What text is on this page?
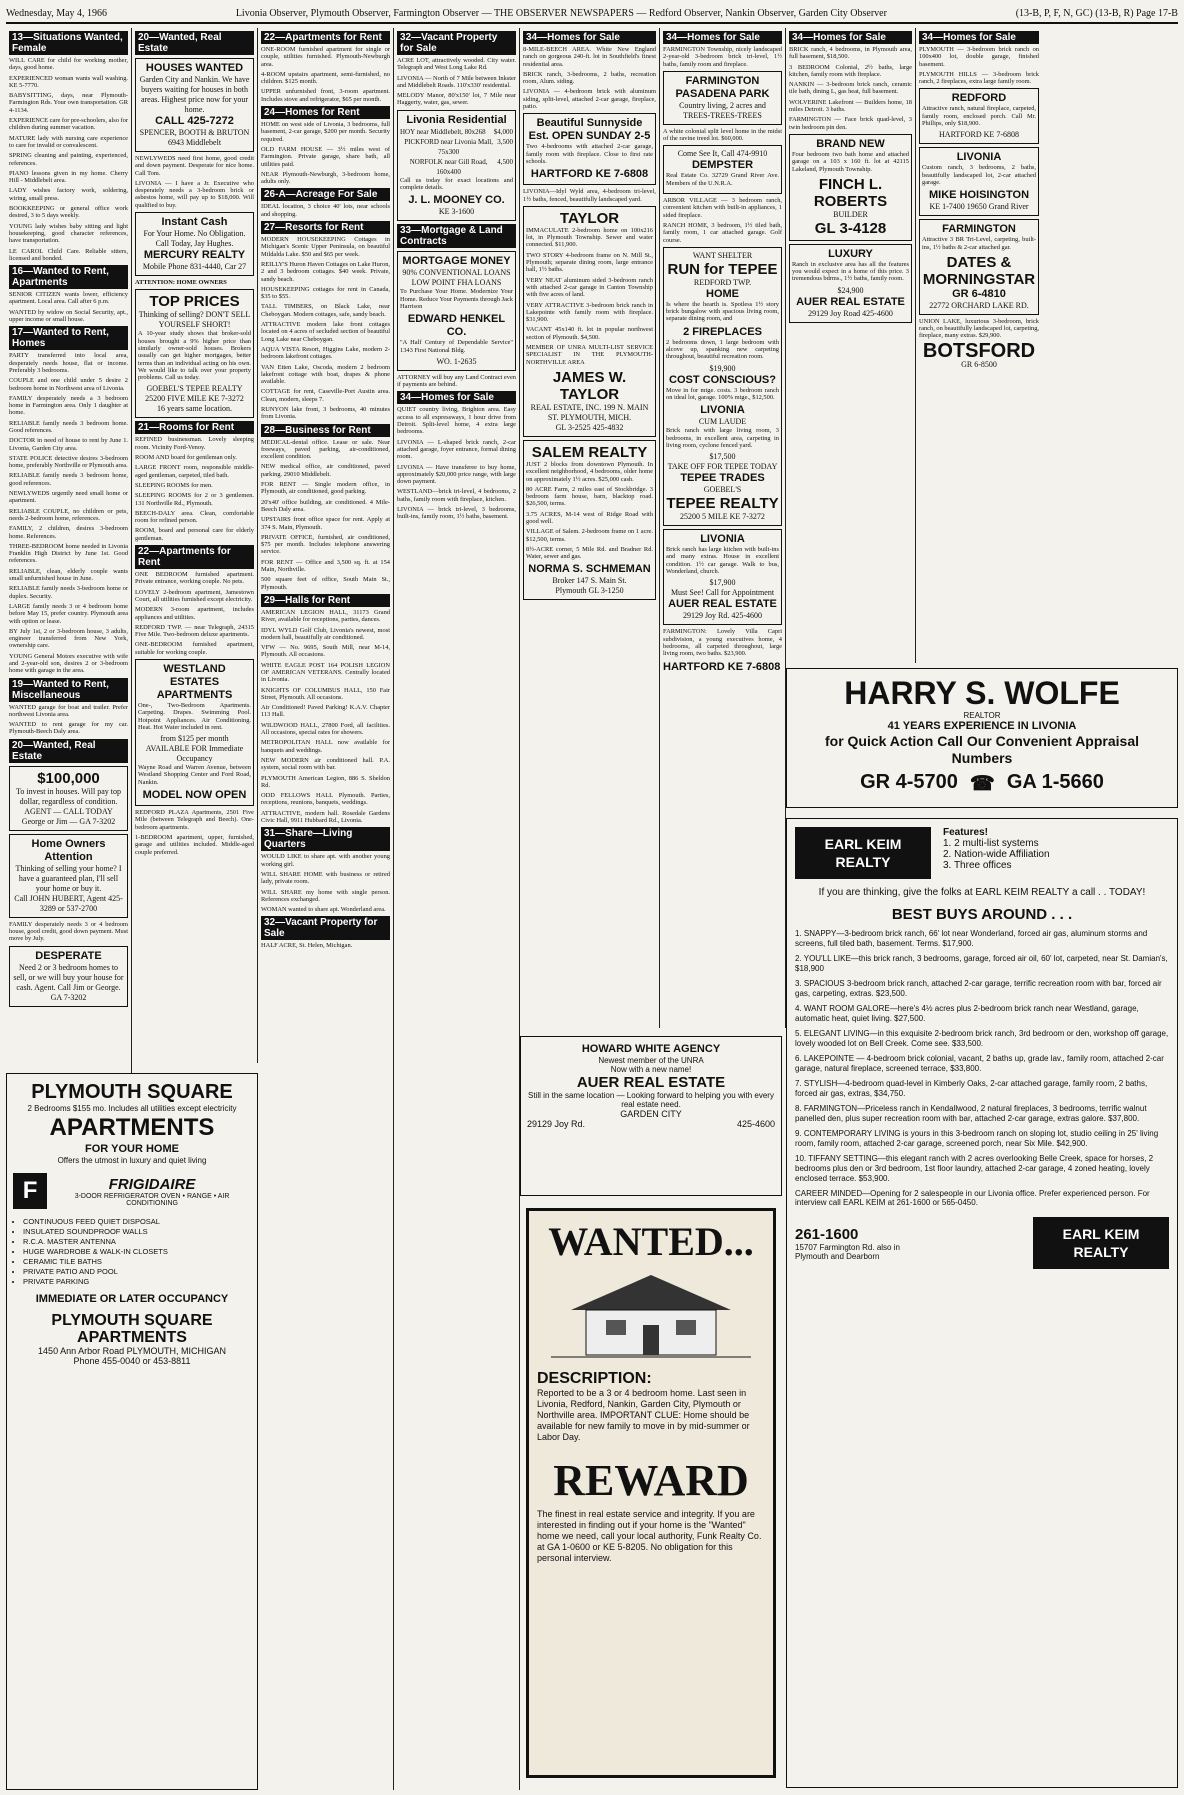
Wednesday, May 4, 1966	Livonia Observer, Plymouth Observer, Farmington Observer — THE OBSERVER NEWSPAPERS — Redford Observer, Nankin Observer, Garden City Observer	(13-B, P, F, N, GC) (13-B, R) Page 17-B
13—Situations Wanted, Female

WILL CARE for child for working mother, days, good home.

EXPERIENCED woman wants wall washing. KE 5-7770.

BABYSITTING, days, near Plymouth-Farmington Rds. Your own transportation. GR 4-1134.

EXPERIENCE care for pre-schoolers, also for children during summer vacation.

MATURE lady with nursing care experience to care for invalid or convalescent.

SPRING cleaning and painting, experienced, references.

PIANO lessons given in my home. Cherry Hill - Middlebelt area.

LADY wishes factory work, soldering, wiring, small press.

BOOKKEEPING or general office work desired, 3 to 5 days weekly.

YOUNG lady wishes baby sitting and light housekeeping, good character references, have transportation.

LE CAROL Child Care. Reliable sitters, licensed and bonded.

16—Wanted to Rent, Apartments

SENIOR CITIZEN wants lower, efficiency apartment. Local area. Call after 6 p.m.

WANTED by widow on Social Security, apt., upper income or small house.

17—Wanted to Rent, Homes

PARTY transferred into local area, desperately needs house, flat or income. Preferably 3 bedrooms.

COUPLE and one child under 5 desire 2 bedroom home in Northwest area of Livonia.

FAMILY desperately needs a 3 bedroom home in Farmington area. Only 1 daughter at home.

RELIABLE family needs 3 bedroom home. Good references.

DOCTOR in need of house to rent by June 1. Livonia, Garden City area.

STATE POLICE detective desires 3-bedroom home, preferably Northville or Plymouth area.

RELIABLE family needs 3 bedroom home, good references.

NEWLYWEDS urgently need small home or apartment.

RELIABLE COUPLE, no children or pets, needs 2-bedroom home, references.

FAMILY, 2 children, desires 3-bedroom home. References.

THREE-BEDROOM home needed in Livonia Franklin High District by June 1st. Good references.

RELIABLE, clean, elderly couple wants small unfurnished house in June.

RELIABLE family needs 3-bedroom home or duplex. Security.

LARGE family needs 3 or 4 bedroom home before May 15, prefer country. Plymouth area with option or lease.

BY July 1st, 2 or 3-bedroom house, 3 adults, engineer transferred from New York, ownership care.

YOUNG General Motors executive with wife and 2-year-old son, desires 2 or 3-bedroom home with garage in the area.

19—Wanted to Rent, Miscellaneous

WANTED garage for boat and trailer. Prefer northwest Livonia area.

WANTED to rent garage for my car. Plymouth-Beech Daly area.

20—Wanted, Real Estate
$100,000
To invest in houses. Will pay top dollar, regardless of condition.
AGENT — CALL TODAY
George or Jim — GA 7-3202
Home Owners Attention
Thinking of selling your home? I have a guaranteed plan, I'll sell your home or buy it.
Call JOHN HUBERT, Agent 425-3289 or 537-2700

FAMILY desperately needs 3 or 4 bedroom house, good credit, good down payment. Must move by July.

DESPERATE
Need 2 or 3 bedroom homes to sell, or we will buy your house for cash. Agent. Call Jim or George.
GA 7-3202
20—Wanted, Real Estate
HOUSES WANTED
Garden City and Nankin. We have buyers waiting for houses in both areas. Highest price now for your home.
CALL 425-7272
SPENCER, BOOTH & BRUTON
6943 Middlebelt

NEWLYWEDS need first home, good credit and down payment. Desperate for nice home. Call Tom.

LIVONIA — I have a Jr. Executive who desperately needs a 3-bedroom brick or asbestos home, will pay up to $18,000. Will qualified to buy.

Instant Cash
For Your Home. No Obligation. Call Today, Jay Hughes.
MERCURY REALTY
Mobile Phone 831-4440, Car 27

ATTENTION: HOME OWNERS

TOP PRICES
Thinking of selling? DON'T SELL YOURSELF SHORT!
A 10-year study shows that broker-sold houses brought a 9% higher price than similarly owner-sold houses. Brokers usually can get higher mortgages, better terms than an individual acting on his own. We would like to talk over your property problems. Call us today.
GOEBEL'S TEPEE REALTY
25200 FIVE MILE KE 7-3272
16 years same location.
21—Rooms for Rent

REFINED businessman. Lovely sleeping room. Vicinity Ford-Venoy.

ROOM AND board for gentleman only.

LARGE FRONT room, responsible middle-aged gentleman, carpeted, tiled bath.

SLEEPING ROOMS for men.

SLEEPING ROOMS for 2 or 3 gentlemen. 131 Northville Rd., Plymouth.

BEECH-DALY area. Clean, comfortable room for refined person.

ROOM, board and personal care for elderly gentleman.

22—Apartments for Rent

ONE BEDROOM furnished apartment. Private entrance, working couple. No pets.

LOVELY 2-bedroom apartment, Jamestown Court, all utilities furnished except electricity.

MODERN 3-room apartment, includes appliances and utilities.

REDFORD TWP. — near Telegraph, 24315 Five Mile. Two-bedroom deluxe apartments.

ONE-BEDROOM furnished apartment, suitable for working couple.

WESTLAND ESTATES APARTMENTS
One-, Two-Bedroom Apartments. Carpeting. Drapes. Swimming Pool. Hotpoint Appliances. Air Conditioning. Heat. Hot Water included in rent.
from $125 per month
AVAILABLE FOR Immediate Occupancy
Wayne Road and Warren Avenue, between Westland Shopping Center and Ford Road, Nankin.
MODEL NOW OPEN

REDFORD PLAZA Apartments, 2501 Five Mile (between Telegraph and Beech). One-bedroom apartments.

1-BEDROOM apartment, upper, furnished, garage and utilities included. Middle-aged couple preferred.

PLYMOUTH SQUARE
2 Bedrooms $155 mo. Includes all utilities except electricity
APARTMENTS
FOR YOUR HOME
Offers the utmost in luxury and quiet living
F	FRIGIDAIRE
3-DOOR REFRIGERATOR OVEN • RANGE • AIR CONDITIONING
• CONTINUOUS FEED QUIET DISPOSAL
• INSULATED SOUNDPROOF WALLS
• R.C.A. MASTER ANTENNA
• HUGE WARDROBE & WALK-IN CLOSETS
• CERAMIC TILE BATHS
• PRIVATE PATIO AND POOL
• PRIVATE PARKING
IMMEDIATE OR LATER OCCUPANCY
PLYMOUTH SQUARE APARTMENTS
1450 Ann Arbor Road PLYMOUTH, MICHIGAN
Phone 455-0040 or 453-8811
22—Apartments for Rent

ONE-ROOM furnished apartment for single or couple, utilities furnished. Plymouth-Newburgh area.

4-ROOM upstairs apartment, semi-furnished, no children. $125 month.

UPPER unfurnished front, 3-room apartment. Includes stove and refrigerator, $65 per month.

24—Homes for Rent

HOME on west side of Livonia, 3 bedrooms, full basement, 2-car garage, $200 per month. Security required.

OLD FARM HOUSE — 3½ miles west of Farmington. Private garage, share bath, all utilities paid.

NEAR Plymouth-Newburgh, 3-bedroom home, adults only.

26-A—Acreage For Sale

IDEAL location, 3 choice 40' lots, near schools and shopping.

27—Resorts for Rent

MODERN HOUSEKEEPING Cottages in Michigan's Scenic Upper Peninsula, on beautiful Mildalda Lake. $50 and $65 per week.

REILLY'S Huron Haven Cottages on Lake Huron, 2 and 3 bedroom cottages. $40 week. Private, sandy beach.

HOUSEKEEPING cottages for rent in Canada, $35 to $55.

TALL TIMBERS, on Black Lake, near Cheboygan. Modern cottages, safe, sandy beach.

ATTRACTIVE modern lake front cottages located on 4 acres of secluded section of beautiful Long Lake near Cheboygan.

AQUA VISTA Resort, Higgins Lake, modern 2-bedroom lakefront cottages.

VAN Etten Lake, Oscoda, modern 2 bedroom lakefront cottage with boat, drapes & phone available.

COTTAGE for rent, Caseville-Port Austin area. Clean, modern, sleeps 7.

RUNYON lake front, 3 bedrooms, 40 minutes from Livonia.

28—Business for Rent

MEDICAL-dental office. Lease or sale. Near freeways, paved parking, air-conditioned, excellent condition.

NEW medical office, air conditioned, paved parking. 29010 Middlebelt.

FOR RENT — Single modern office, in Plymouth, air conditioned, good parking.

20'x40' office building, air conditioned. 4 Mile-Beech Daly area.

UPSTAIRS front office space for rent. Apply at 374 S. Main, Plymouth.

PRIVATE OFFICE, furnished, air conditioned, $75 per month. Includes telephone answering service.

FOR RENT — Office and 3,500 sq. ft. at 154 Main, Northville.

500 square feet of office, South Main St., Plymouth.

29—Halls for Rent

AMERICAN LEGION HALL, 31173 Grand River, available for receptions, parties, dances.

IDYL WYLD Golf Club, Livonia's newest, most modern hall, beautifully air conditioned.

VFW — No. 9695, South Mill, near M-14, Plymouth. All occasions.

WHITE EAGLE POST 164 POLISH LEGION OF AMERICAN VETERANS. Centrally located in Livonia.

KNIGHTS OF COLUMBUS HALL, 150 Fair Street, Plymouth. All occasions.

Air Conditioned! Paved Parking! K.A.V. Chapter 113 Hall.

WILDWOOD HALL, 27800 Ford, all facilities. All occasions, special rates for showers.

METROPOLITAN HALL now available for banquets and weddings.

NEW MODERN air conditioned hall. P.A. system, social room with bar.

PLYMOUTH American Legion, 886 S. Sheldon Rd.

ODD FELLOWS HALL Plymouth. Parties, receptions, reunions, banquets, weddings.

ATTRACTIVE, modern hall. Rosedale Gardens Civic Hall, 9911 Hubbard Rd., Livonia.

31—Share—Living Quarters

WOULD LIKE to share apt. with another young working girl.

WILL SHARE HOME with business or retired lady, private room.

WILL SHARE my home with single person. References exchanged.

WOMAN wanted to share apt. Wonderland area.

32—Vacant Property for Sale

HALF ACRE, St. Helen, Michigan.

32—Vacant Property for Sale

ACRE LOT, attractively wooded. City water. Telegraph and West Long Lake Rd.

LIVONIA — North of 7 Mile between Inkster and Middlebelt Roads. 110'x330' residential.

MELODY Manor, 80'x150' lot, 7 Mile near Haggerty, water, gas, sewer.

Livonia Residential
HOY near Middlebelt, 80x268 $4,000
PICKFORD near Livonia Mall, 75x300
3,500
NORFOLK near Gill Road, 160x400
4,500
Call us today for exact locations and complete details.
J. L. MOONEY CO.
KE 3-1600
33—Mortgage & Land Contracts
MORTGAGE MONEY
90% CONVENTIONAL LOANS LOW POINT FHA LOANS
To Purchase Your Home. Modernize Your Home. Reduce Your Payments through Jack Harrison
EDWARD HENKEL CO.
"A Half Century of Dependable Service" 1343 First National Bldg.
WO. 1-2635

ATTORNEY will buy any Land Contract even if payments are behind.

34—Homes for Sale

QUIET country living, Brighton area. Easy access to all expressways, 1 hour drive from Detroit. Split-level home, 4 extra large bedrooms.

LIVONIA — L-shaped brick ranch, 2-car attached garage, foyer entrance, formal dining room.

LIVONIA — Have transferee to buy home, approximately $20,000 price range, with large down payment.

WESTLAND—brick tri-level, 4 bedrooms, 2 baths, family room with fireplace, kitchen.

LIVONIA — brick tri-level, 3 bedrooms, built-ins, family room, 1½ baths, basement.

34—Homes for Sale

8-MILE-BEECH AREA. White New England ranch on gorgeous 240-ft. lot in Southfield's finest residential area.

BRICK ranch, 3-bedrooms, 2 baths, recreation room, Alum. siding.

LIVONIA — 4-bedroom brick with aluminum siding, split-level, attached 2-car garage, fireplace, patio.

Beautiful Sunnyside Est. OPEN SUNDAY 2-5
Two 4-bedrooms with attached 2-car garage, family room with fireplace. Close to first rate schools.
HARTFORD KE 7-6808

LIVONIA—Idyl Wyld area, 4-bedroom tri-level, 1½ baths, fenced, beautifully landscaped yard.

TAYLOR

IMMACULATE 2-bedroom home on 100x216 lot, in Plymouth Township. Sewer and water connected. $11,900.

TWO STORY 4-bedroom frame on N. Mill St., Plymouth; separate dining room, large entrance hall, 1½ baths.

VERY NEAT aluminum sided 3-bedroom ranch with attached 2-car garage in Canton Township with five acres of land.

VERY ATTRACTIVE 3-bedroom brick ranch in Lakepointe with family room with fireplace. $31,900.

VACANT 45x140 ft. lot in popular northwest section of Plymouth. $4,500.

MEMBER OF UNRA MULTI-LIST SERVICE SPECIALIST IN THE PLYMOUTH-NORTHVILLE AREA
JAMES W. TAYLOR
REAL ESTATE, INC. 199 N. MAIN ST. PLYMOUTH, MICH.
GL 3-2525 425-4832
SALEM REALTY

JUST 2 blocks from downtown Plymouth. In excellent neighborhood, 4 bedrooms, older home on approximately 1½ acres. $25,000 cash.

80 ACRE Farm, 2 miles east of Stockbridge. 3 bedroom farm house, barn, blacktop road. $26,500, terms.

3.75 ACRES, M-14 west of Ridge Road with good well.

VILLAGE of Salem. 2-bedroom frame on 1 acre. $12,500, terms.

8½-ACRE corner, 5 Mile Rd. and Bradner Rd. Water, sewer and gas.

NORMA S. SCHMEMAN
Broker 147 S. Main St.
Plymouth GL 3-1250
34—Homes for Sale

FARMINGTON Township, nicely landscaped 2-year-old 3-bedroom brick tri-level, 1½ baths, family room and fireplace.

FARMINGTON
PASADENA PARK
Country living, 2 acres and TREES-TREES-TREES

A white colonial split level home in the midst of the ravine treed lot. $60,000.

Come See It, Call 474-9910
DEMPSTER
Real Estate Co. 32729 Grand River Ave. Members of the U.N.R.A.

ARBOR VILLAGE — 3 bedroom ranch, convenient kitchen with built-in appliances, 1 sided fireplace.

RANCH HOME, 3 bedroom, 1½ tiled bath, family room, 1 car attached garage. Golf course.

WANT SHELTER
RUN for TEPEE
REDFORD TWP.
HOME
Is where the hearth is. Spotless 1½ story brick bungalow with spacious living room, separate dining room, and
2 FIREPLACES
2 bedrooms down, 1 large bedroom with alcove up, spanking new carpeting throughout, beautiful recreation room.
$19,900
COST CONSCIOUS?
Move in for mtge. costs. 3 bedroom ranch on ideal lot, garage. 100% mtge., $12,500.
LIVONIA
CUM LAUDE
Brick ranch with large living room, 3 bedrooms, in excellent area, carpeting in living room, cyclone fenced yard.
$17,500
TAKE OFF FOR TEPEE TODAY
TEPEE TRADES
GOEBEL'S
TEPEE REALTY
25200 5 MILE KE 7-3272
LIVONIA
Brick ranch has large kitchen with built-ins and many extras. House in excellent condition. 1½ car garage. Walk to bus, Wonderland, church.
$17,900
Must See! Call for Appointment
AUER REAL ESTATE
29129 Joy Rd. 425-4600

FARMINGTON: Lovely Villa Capri subdivision, a young executives home, 4 bedrooms, all carpeted throughout, large living room, two baths. $23,900.

HARTFORD KE 7-6808
34—Homes for Sale

BRICK ranch, 4 bedrooms, in Plymouth area, full basement, $18,500.

3 BEDROOM Colonial, 2½ baths, large kitchen, family room with fireplace.

NANKIN — 3-bedroom brick ranch, ceramic tile bath, dining L, gas heat, full basement.

WOLVERINE Lakefront — Builders home, 18 miles Detroit. 3 baths.

FARMINGTON — Face brick quad-level, 3 twin bedroom pin den.

BRAND NEW
Four bedroom two bath home and attached garage on a 103 x 160 ft. lot at 42115 Lakeland, Plymouth Township.
FINCH L. ROBERTS
BUILDER
GL 3-4128
LUXURY
Ranch in exclusive area has all the features you would expect in a home of this price. 3 tremendous bdrms., 1½ baths, family room.
$24,900
AUER REAL ESTATE
29129 Joy Road 425-4600
34—Homes for Sale

PLYMOUTH — 3-bedroom brick ranch on 100x400 lot, double garage, finished basement.

PLYMOUTH HILLS — 3-bedroom brick ranch, 2 fireplaces, extra large family room.

REDFORD
Attractive ranch, natural fireplace, carpeted, family room, enclosed porch. Call Mr. Phillips, only $18,900.
HARTFORD KE 7-6808
LIVONIA
Custom ranch, 3 bedrooms, 2 baths, beautifully landscaped lot, 2-car attached garage.
MIKE HOISINGTON
KE 1-7400 19650 Grand River
FARMINGTON
Attractive 3 BR Tri-Level, carpeting, built-ins, 1½ baths & 2-car attached gar.
DATES & MORNINGSTAR
GR 6-4810
22772 ORCHARD LAKE RD.

UNION LAKE, luxurious 3-bedroom, brick ranch, on beautifully landscaped lot, carpeting, fireplace, many extras. $29,900.

BOTSFORD
GR 6-8500
HARRY S. WOLFE
REALTOR
41 YEARS EXPERIENCE IN LIVONIA
for Quick Action Call Our Convenient Appraisal Numbers
GR 4-5700 ☎ GA 1-5660
EARL KEIM REALTY
Features!
1. 2 multi-list systems
2. Nation-wide Affiliation
3. Three offices
If you are thinking, give the folks at EARL KEIM REALTY a call . . TODAY!
BEST BUYS AROUND . . .

1. SNAPPY—3-bedroom brick ranch, 66' lot near Wonderland, forced air gas, aluminum storms and screens, full tiled bath, basement. Terms. $17,900.

2. YOU'LL LIKE—this brick ranch, 3 bedrooms, garage, forced air oil, 60' lot, carpeted, near St. Damian's, $18,900

3. SPACIOUS 3-bedroom brick ranch, attached 2-car garage, terrific recreation room with bar, forced air gas, carpeting, extras. $23,500.

4. WANT ROOM GALORE—here's 4½ acres plus 2-bedroom brick ranch near Westland, garage, automatic heat, quiet living. $27,500.

5. ELEGANT LIVING—in this exquisite 2-bedroom brick ranch, 3rd bedroom or den, workshop off garage, lovely wooded lot on Bell Creek. Come see. $33,500.

6. LAKEPOINTE — 4-bedroom brick colonial, vacant, 2 baths up, grade lav., family room, attached 2-car garage, natural fireplace, screened terrace, $33,800.

7. STYLISH—4-bedroom quad-level in Kimberly Oaks, 2-car attached garage, family room, 2 baths, forced air gas, extras, $34,750.

8. FARMINGTON—Priceless ranch in Kendallwood, 2 natural fireplaces, 3 bedrooms, terrific walnut panelled den, plus super recreation room with bar, attached 2-car garage, extras galore. $37,800.

9. CONTEMPORARY LIVING is yours in this 3-bedroom ranch on sloping lot, studio ceiling in 25' living room, family room, attached 2-car garage, screened porch, near Six Mile. $42,900.

10. TIFFANY SETTING—this elegant ranch with 2 acres overlooking Belle Creek, space for horses, 2 bedrooms plus den or 3rd bedroom, 1st floor laundry, attached 2-car garage, 4 zoned heating, lovely enclosed terrace. $53,900.

CAREER MINDED—Opening for 2 salespeople in our Livonia office. Prefer experienced person. For interview call EARL KEIM at 261-1600 or 565-0450.
261-1600
15707 Farmington Rd. also in Plymouth and Dearborn
EARL KEIM REALTY
HOWARD WHITE AGENCY
Newest member of the UNRA
Now with a new name!
AUER REAL ESTATE
Still in the same location — Looking forward to helping you with every real estate need.
GARDEN CITY
29129 Joy Rd.	425-4600
WANTED...
DESCRIPTION:
Reported to be a 3 or 4 bedroom home. Last seen in Livonia, Redford, Nankin, Garden City, Plymouth or Northville area. IMPORTANT CLUE: Home should be available for new family to move in by mid-summer or Labor Day.
REWARD
The finest in real estate service and integrity. If you are interested in finding out if your home is the "Wanted" home we need, call your local authority, Funk Realty Co. at GA 1-0600 or KE 5-8205. No obligation for this personal interview.
